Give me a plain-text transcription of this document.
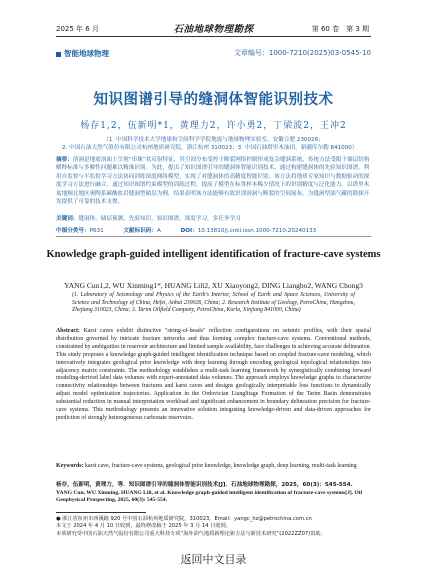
2025 年 6 月	石油地球物理勘探	第 60 卷　第 3 期
智能地球物理	文章编号：1000-7210(2025)03-0545-10
知识图谱引导的缝洞体智能识别技术
杨存1,2，伍新明*1，黄理力2，许小勇2，丁梁波2，王冲2
（1. 中国科学技术大学地球和空间科学学院地震与地球物理实验室，安徽合肥 230026；
2. 中国石油天然气股份有限公司杭州地质研究院，浙江杭州 310023；3. 中国石油塔里木油田，新疆库尔勒 841000）
摘要：溶洞是地震剖面上呈现“串珠”状反射特征，其空间分布受控于断裂网络控制形成复杂缝洞系统，传统方法受限于储层结构解释标准与多解性问题难以精准识别。为此，提出了知识图谱引导的缝洞体智能识别技术，通过构建缝洞体的先验知识图谱，利用自监督与半监督学习方法协同训练深度网络模型，实现了对缝洞体的高精度智能识别。该方法将地质专家知识与数据驱动的深度学习方法进行融合，通过知识图谱约束模型的训练过程，提高了模型在标签样本稀少情况下的识别精度与泛化能力。以塔里木盆地顺北地区奥陶系碳酸盐岩缝洞型储层为例，结果表明该方法能够有效识别溶洞与断裂的空间展布，为缝洞型油气藏的勘探开发提供了可靠的技术支撑。
关键词：缝洞体，储层预测，先验知识，知识图谱，深度学习，多任务学习
中图分类号：P631	文献标识码：A	DOI：10.13810/j.cnki.issn.1000-7210.20240133
Knowledge graph-guided intelligent identification of fracture-cave systems
YANG Cun1,2, WU Xinming1*, HUANG Lili2, XU Xiaoyong2, DING Liangbo2, WANG Chong3
(1. Laboratory of Seismology and Physics of the Earth's Interior, School of Earth and Space Sciences, University of Science and Technology of China, Hefei, Anhui 230026, China; 2. Research Institute of Geology, PetroChina, Hangzhou, Zhejiang 310023, China; 3. Tarim Oilfield Company, PetroChina, Korla, Xinjiang 841000, China)
Abstract: Karst caves exhibit distinctive "string-of-beads" reflection configurations on seismic profiles, with their spatial distribution governed by intricate fracture networks and thus forming complex fracture-cave systems. Conventional methods, constrained by ambiguities in reservoir architecture and limited sample availability, face challenges in achieving accurate delineation. This study proposes a knowledge graph-guided intelligent identification technique based on coupled fracture-cave modeling, which innovatively integrates geological prior knowledge with deep learning through encoding geological topological relationships into adjacency matrix constraints. The methodology establishes a multi-task learning framework by synergistically combining forward modeling-derived label data volumes with expert-annotated data volumes. The approach employs knowledge graphs to characterize connectivity relationships between fractures and karst caves and designs geologically interpretable loss functions to dynamically adjust model optimization trajectories. Application in the Ordovician Lianglitage Formation of the Tarim Basin demonstrates substantial reduction in manual interpretation workload and significant enhancement in boundary delineation precision for fracture-cave systems. This methodology presents an innovative solution integrating knowledge-driven and data-driven approaches for prediction of strongly heterogeneous carbonate reservoirs.
Keywords: karst cave, fracture-cave systems, geological prior knowledge, knowledge graph, deep learning, multi-task learning
杨存，伍新明，黄理力，等．知识图谱引导的缝洞体智能识别技术[J]．石油地球物理勘探，2025，60(3)：545-554.
YANG Cun, WU Xinming, HUANG Lili, et al. Knowledge graph-guided intelligent identification of fracture-cave systems[J]. Oil Geophysical Prospecting, 2025, 60(3): 545-554.
● 浙江省杭州市西溪路 920 号中国石油杭州地质研究院，310023。Email：yangc_hz@petrochina.com.cn
本文于 2024 年 4 月 10 日收到，最终修改稿于 2025 年 3 月 14 日收到。
本项研究受中国石油天然气股份有限公司重大科技专项“海外油气地质新理论新方法与新技术研究”(2022ZZ07)资助。
返回中文目录
